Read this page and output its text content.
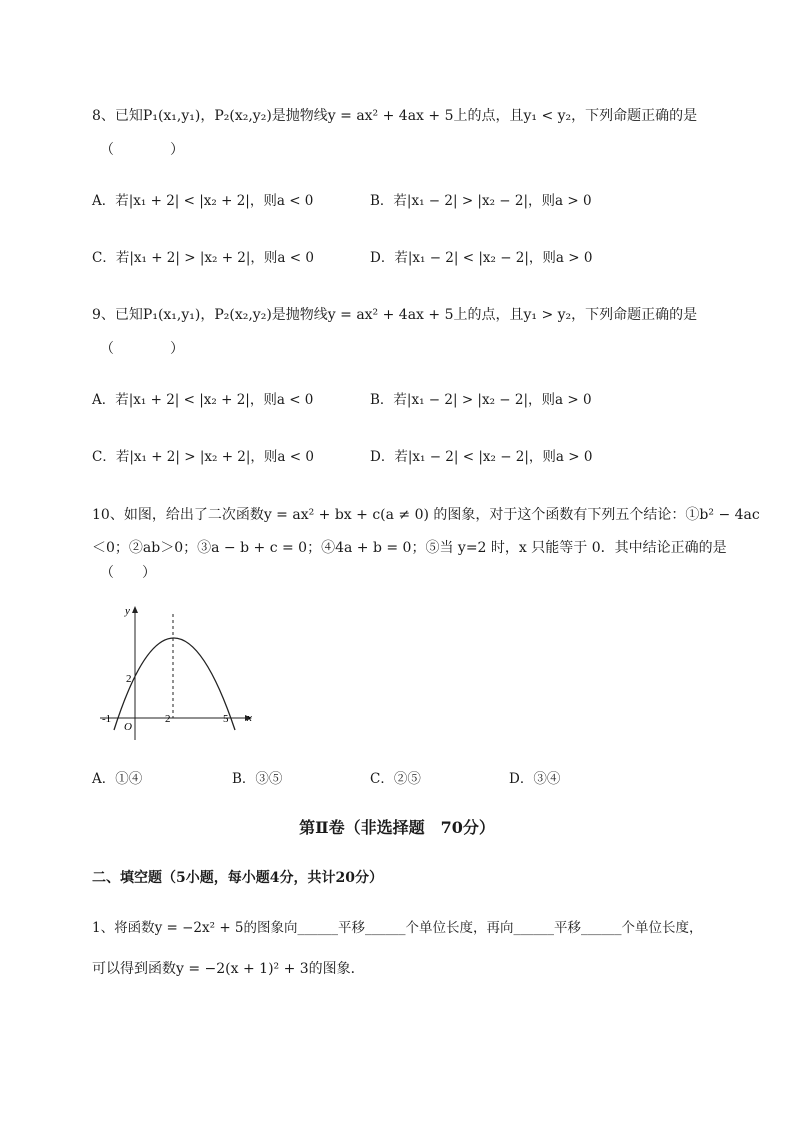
8、已知P₁(x₁,y₁)，P₂(x₂,y₂)是抛物线y = ax² + 4ax + 5上的点，且y₁ < y₂，下列命题正确的是
（　　　　）
A．若|x₁ + 2| < |x₂ + 2|，则a < 0	B．若|x₁ − 2| > |x₂ − 2|，则a > 0
C．若|x₁ + 2| > |x₂ + 2|，则a < 0	D．若|x₁ − 2| < |x₂ − 2|，则a > 0
9、已知P₁(x₁,y₁)，P₂(x₂,y₂)是抛物线y = ax² + 4ax + 5上的点，且y₁ > y₂，下列命题正确的是
（　　　　）
A．若|x₁ + 2| < |x₂ + 2|，则a < 0	B．若|x₁ − 2| > |x₂ − 2|，则a > 0
C．若|x₁ + 2| > |x₂ + 2|，则a < 0	D．若|x₁ − 2| < |x₂ − 2|，则a > 0
10、如图，给出了二次函数y = ax² + bx + c(a ≠ 0) 的图象，对于这个函数有下列五个结论：①b² − 4ac
＜0；②ab＞0；③a − b + c = 0；④4a + b = 0；⑤当 y=2 时，x 只能等于 0．其中结论正确的是
（　　）
y
x
O
-1
2
2	5
A．①④	B．③⑤	C．②⑤	D．③④
第Ⅱ卷（非选择题　70分）
二、填空题（5小题，每小题4分，共计20分）
1、将函数y = −2x² + 5的图象向______平移______个单位长度，再向______平移______个单位长度，
可以得到函数y = −2(x + 1)² + 3的图象．
